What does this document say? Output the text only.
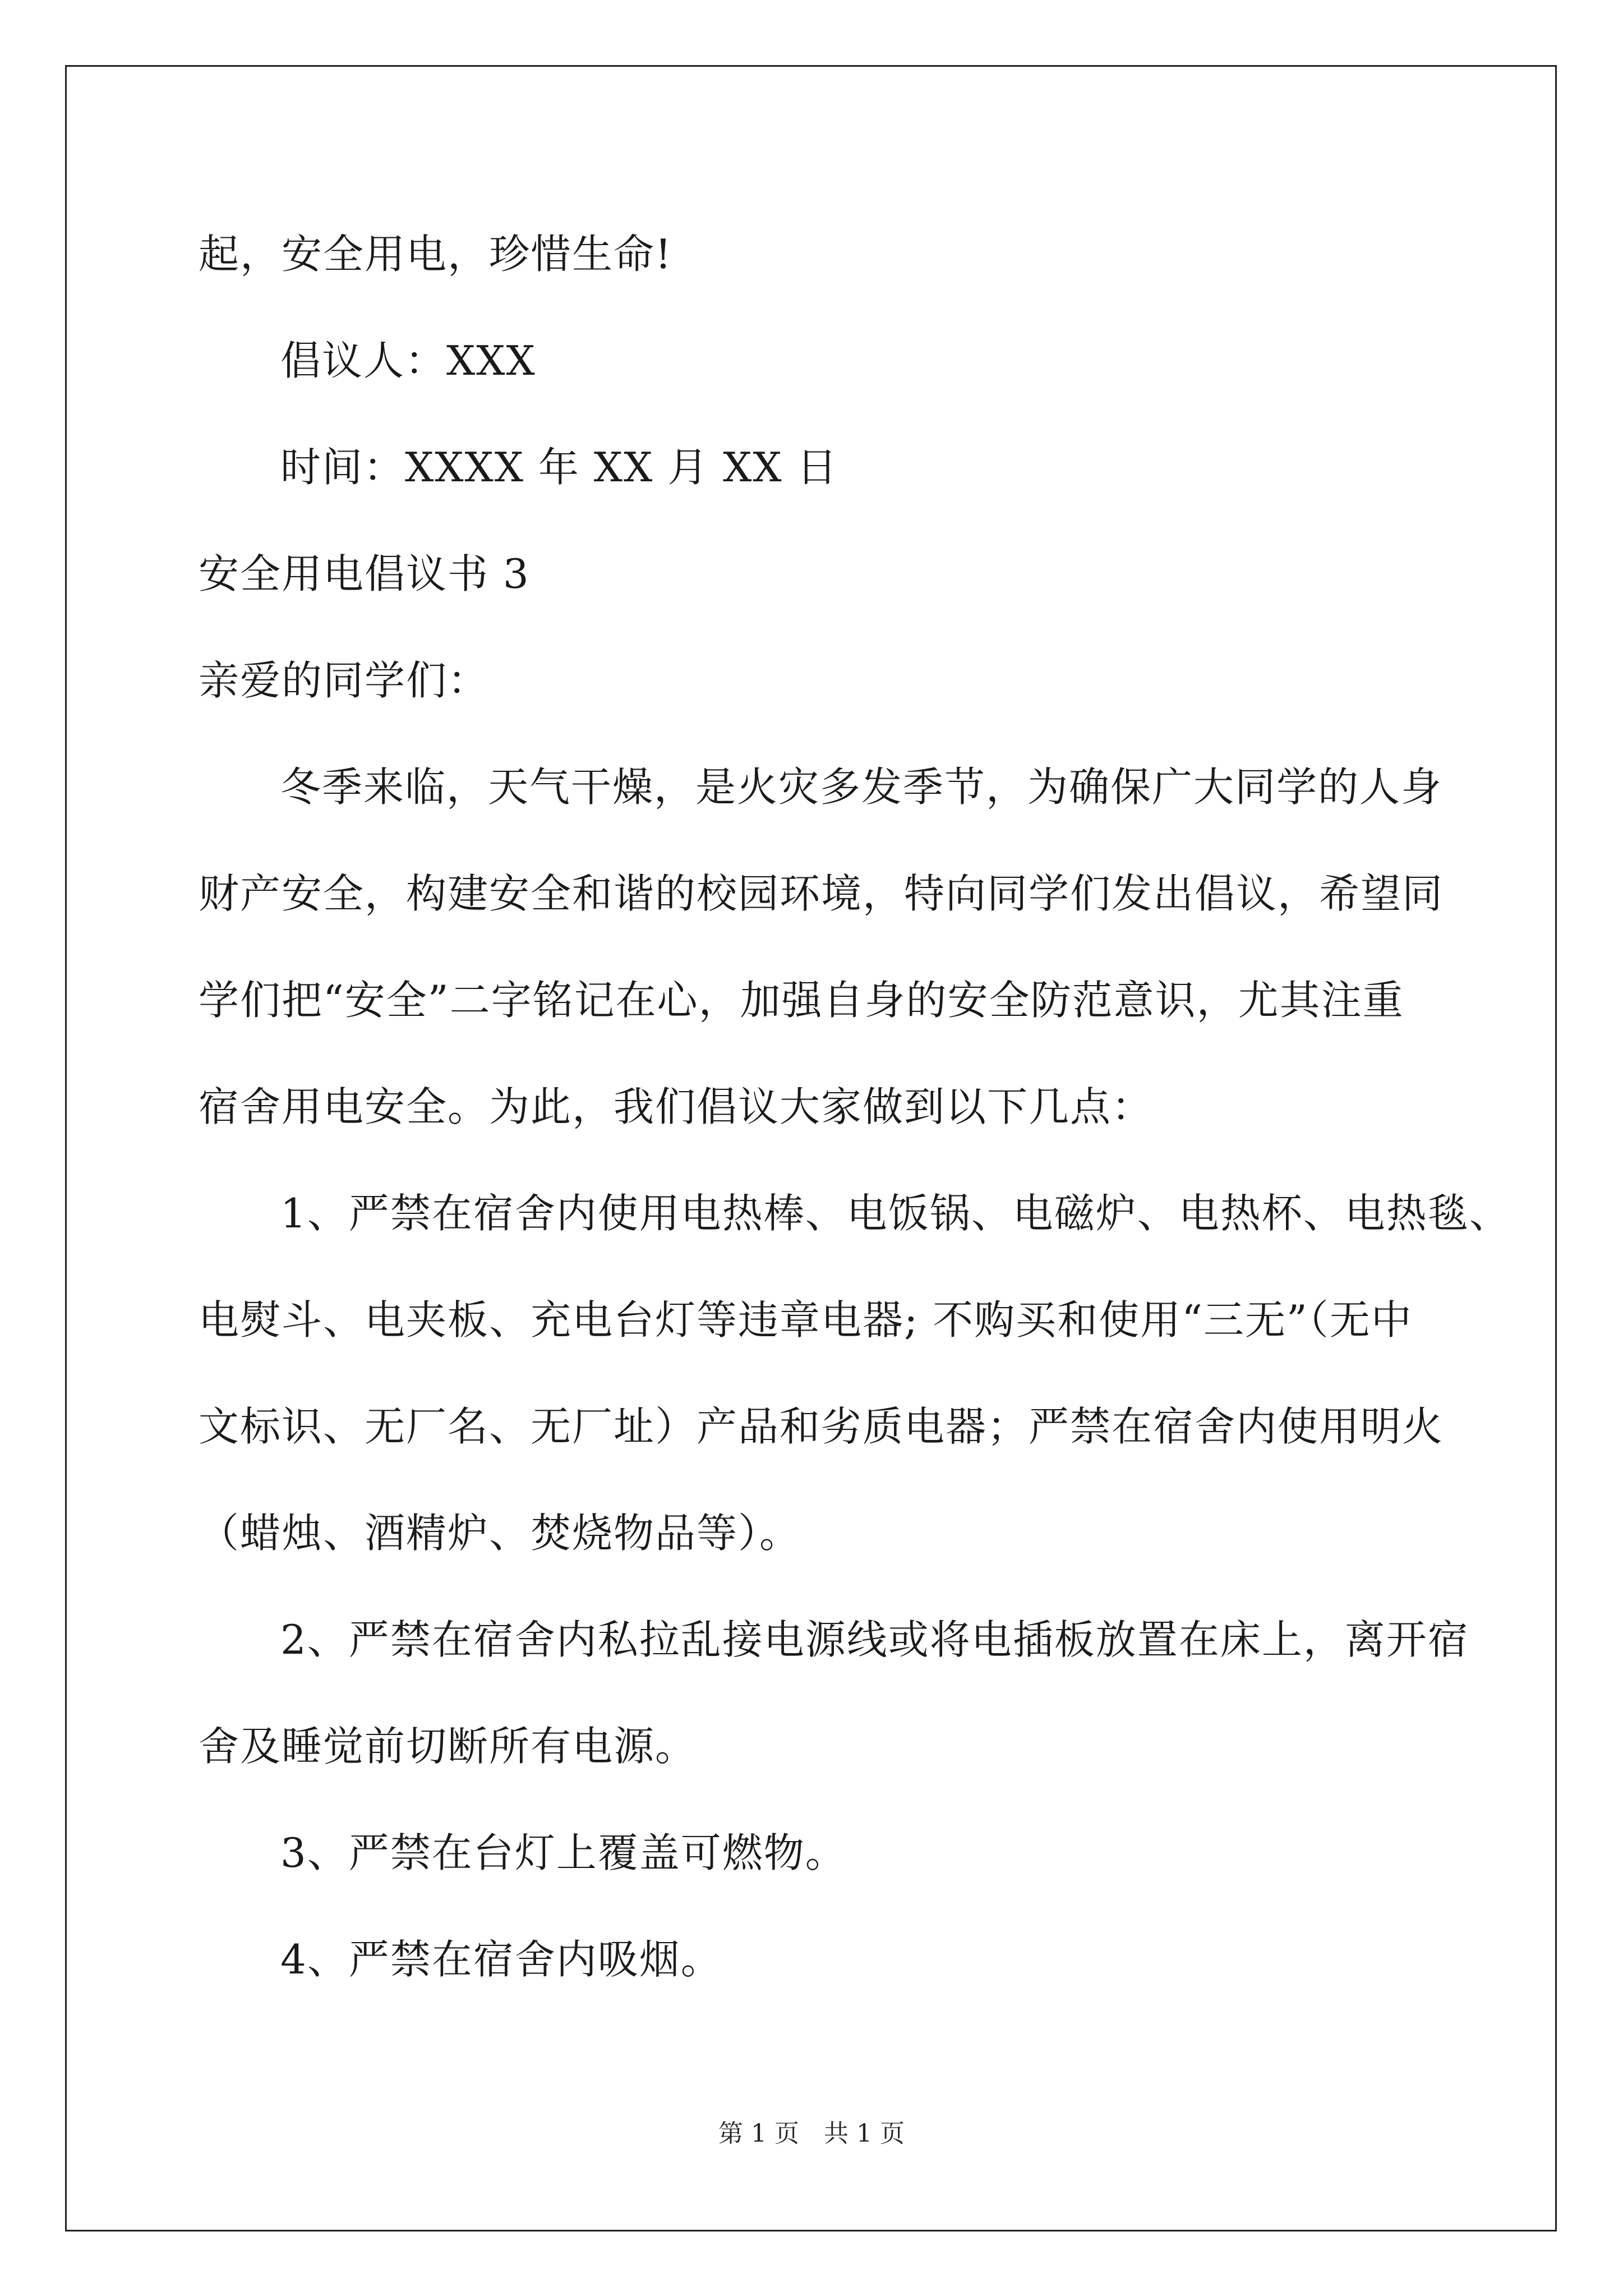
起，安全用电，珍惜生命!
倡议人：XXX
时间：XXXX 年 XX 月 XX 日
安全用电倡议书 3
亲爱的同学们：
冬季来临，天气干燥，是火灾多发季节，为确保广大同学的人身
财产安全，构建安全和谐的校园环境，特向同学们发出倡议，希望同
学们把“安全”二字铭记在心，加强自身的安全防范意识，尤其注重
宿舍用电安全。为此，我们倡议大家做到以下几点：
1、严禁在宿舍内使用电热棒、电饭锅、电磁炉、电热杯、电热毯、
电熨斗、电夹板、充电台灯等违章电器; 不购买和使用“三无”（无中
文标识、无厂名、无厂址）产品和劣质电器；严禁在宿舍内使用明火
（蜡烛、酒精炉、焚烧物品等）。
2、严禁在宿舍内私拉乱接电源线或将电插板放置在床上，离开宿
舍及睡觉前切断所有电源。
3、严禁在台灯上覆盖可燃物。
4、严禁在宿舍内吸烟。
第 1 页　共 1 页
